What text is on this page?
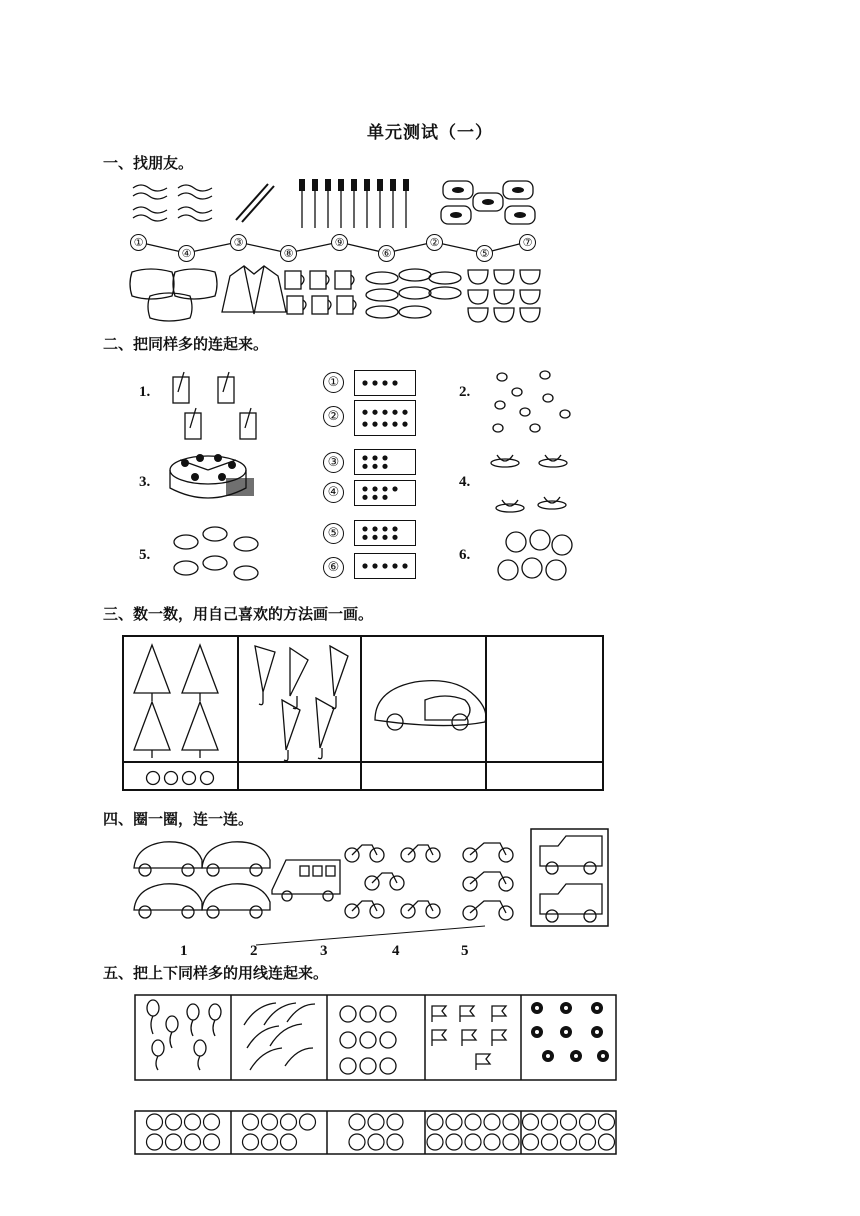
单元测试（一）
一、找朋友。
①
④
③
⑧
⑨
⑥
②
⑤
⑦
二、把同样多的连起来。
1.
3.
5.
2.
4.
6.
①
②
③
④
⑤
⑥
三、数一数，用自己喜欢的方法画一画。
四、圈一圈，连一连。
1	2	3	4	5
五、把上下同样多的用线连起来。
